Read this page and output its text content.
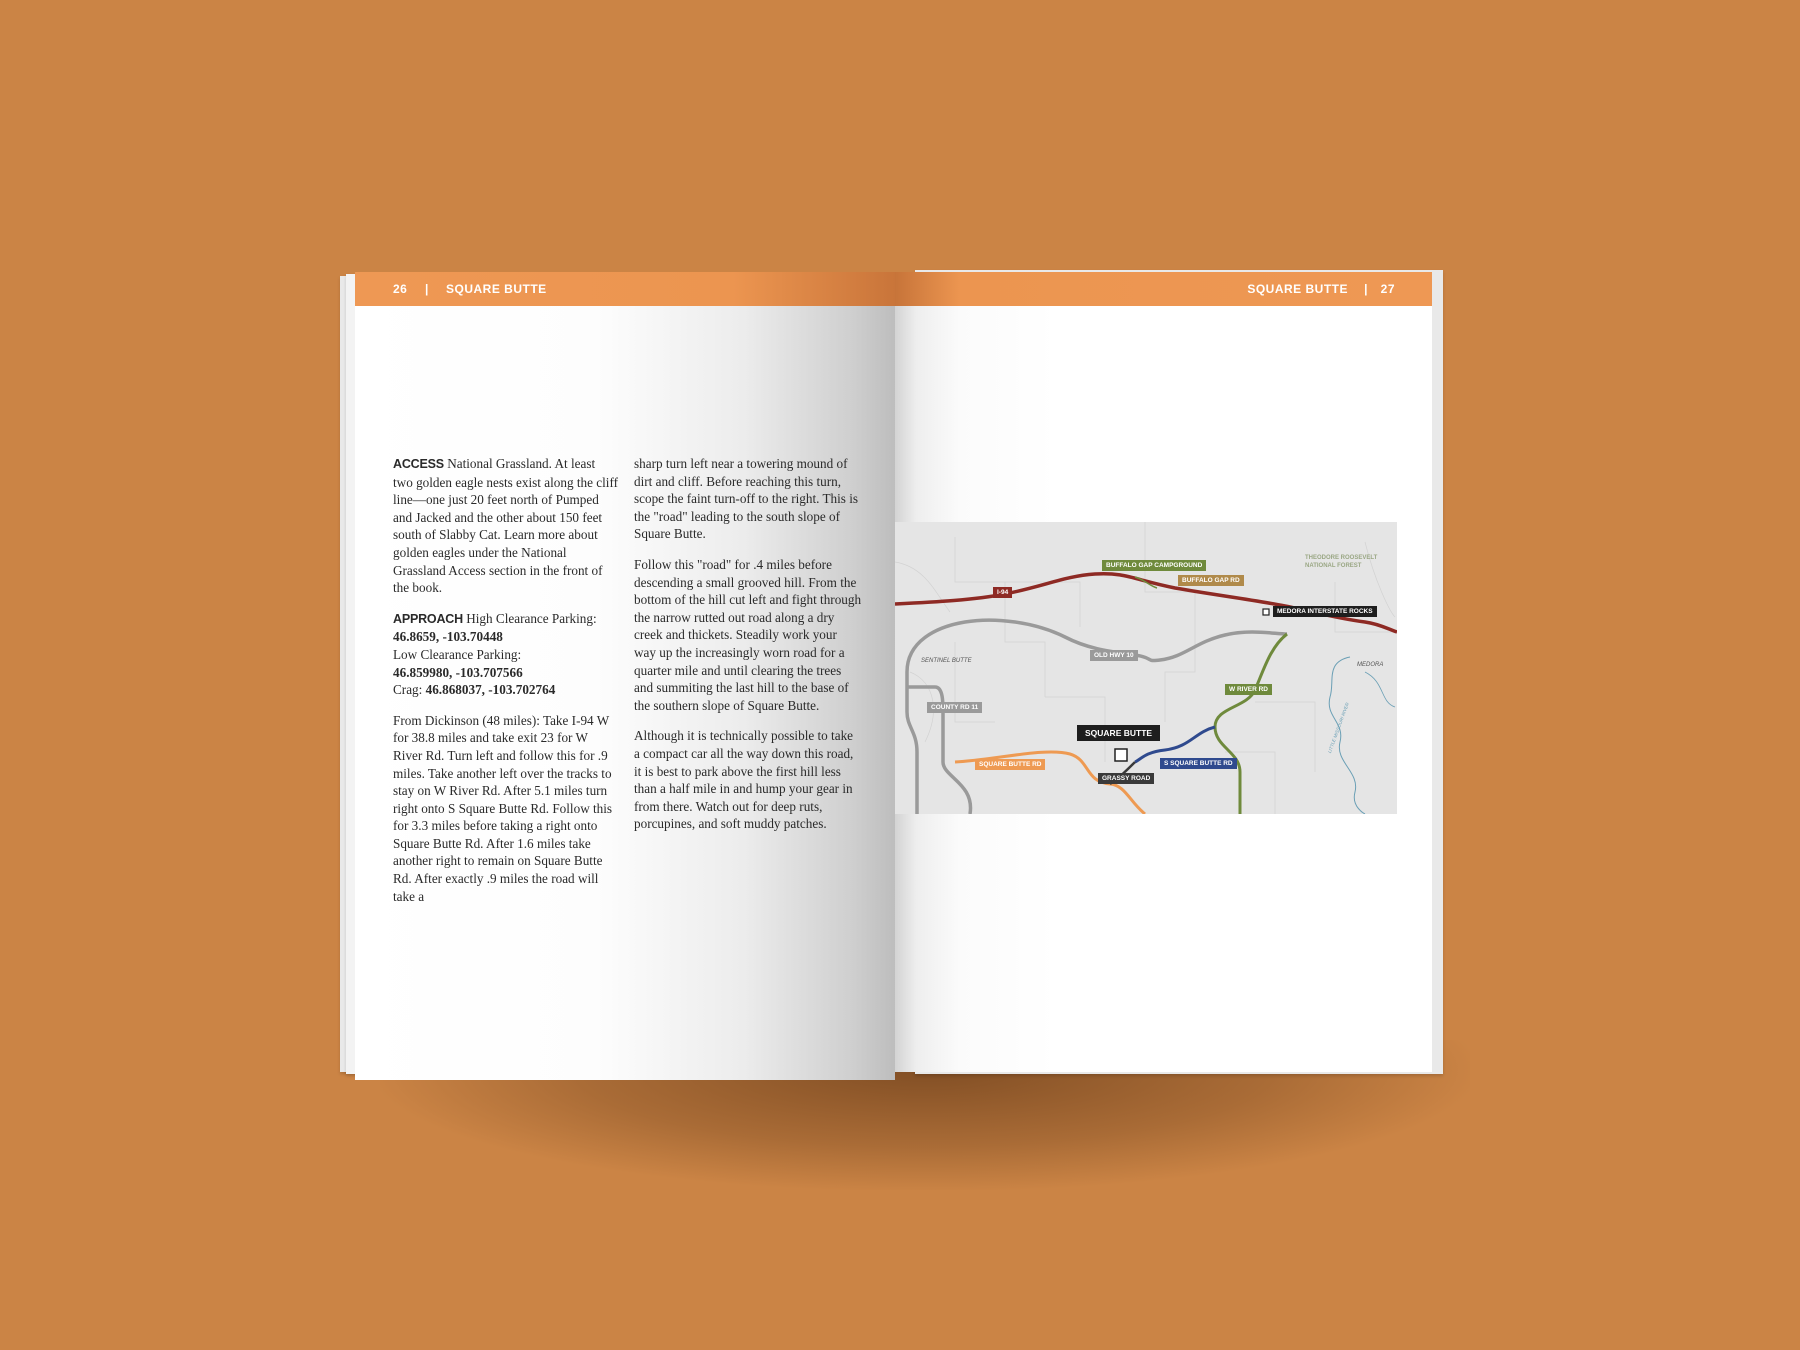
26 | SQUARE BUTTE

ACCESS National Grassland. At least two golden eagle nests exist along the cliff line—one just 20 feet north of Pumped and Jacked and the other about 150 feet south of Slabby Cat. Learn more about golden eagles under the National Grassland Access section in the front of the book.

APPROACH High Clearance Parking:
46.8659, -103.70448
Low Clearance Parking:
46.859980, -103.707566
Crag: 46.868037, -103.702764

From Dickinson (48 miles): Take I-94 W for 38.8 miles and take exit 23 for W River Rd. Turn left and follow this for .9 miles. Take another left over the tracks to stay on W River Rd. After 5.1 miles turn right onto S Square Butte Rd. Follow this for 3.3 miles before taking a right onto Square Butte Rd. After 1.6 miles take another right to remain on Square Butte Rd. After exactly .9 miles the road will take a

sharp turn left near a towering mound of dirt and cliff. Before reaching this turn, scope the faint turn-off to the right. This is the "road" leading to the south slope of Square Butte.

Follow this "road" for .4 miles before descending a small grooved hill. From the bottom of the hill cut left and fight through the narrow rutted out road along a dry creek and thickets. Steadily work your way up the increasingly worn road for a quarter mile and until clearing the trees and summiting the last hill to the base of the southern slope of Square Butte.

Although it is technically possible to take a compact car all the way down this road, it is best to park above the first hill less than a half mile in and hump your gear in from there. Watch out for deep ruts, porcupines, and soft muddy patches.

SQUARE BUTTE | 27
BUFFALO GAP CAMPGROUND
BUFFALO GAP RD
I-94
MEDORA INTERSTATE ROCKS
THEODORE ROOSEVELT NATIONAL FOREST
MEDORA
SENTINEL BUTTE
OLD HWY 10
W RIVER RD
COUNTY RD 11
SQUARE BUTTE
SQUARE BUTTE RD	S SQUARE BUTTE RD
GRASSY ROAD
LITTLE MISSOURI RIVER
